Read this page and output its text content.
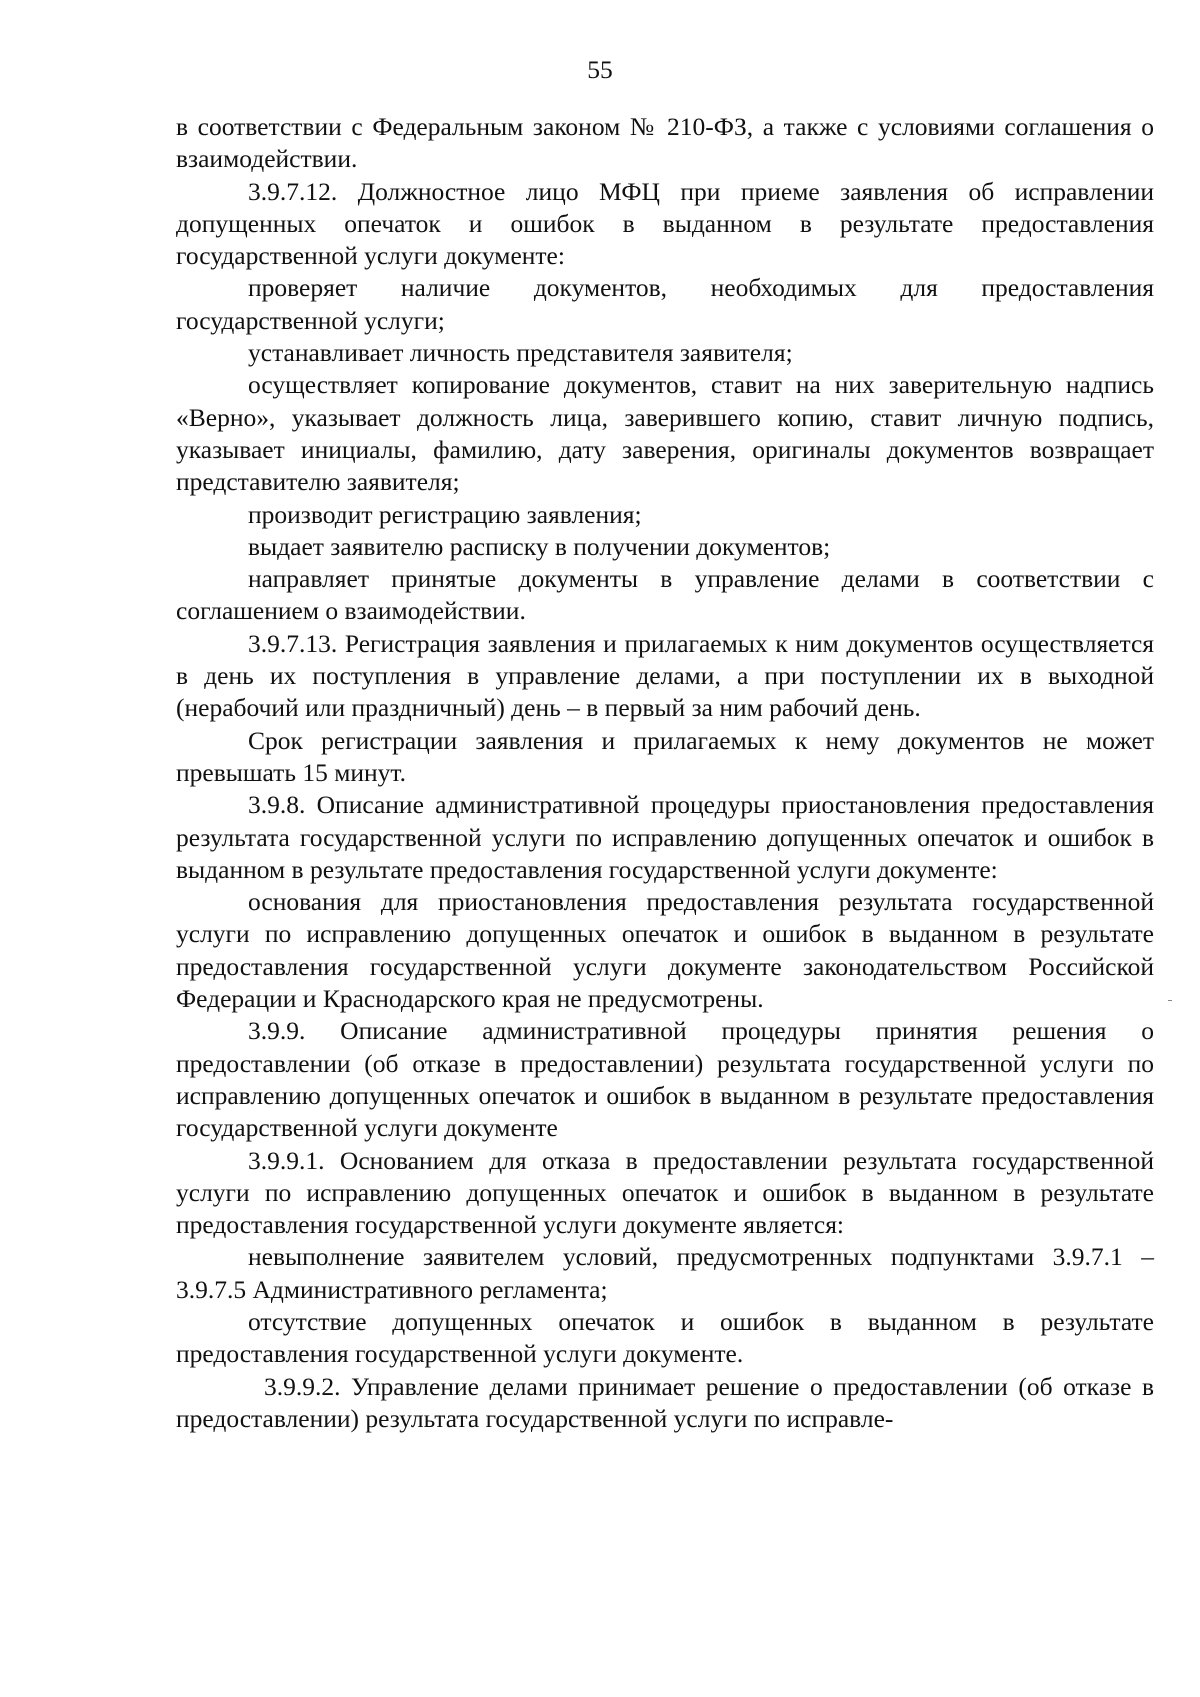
55

в соответствии с Федеральным законом № 210-ФЗ, а также с условиями соглашения о взаимодействии.

3.9.7.12. Должностное лицо МФЦ при приеме заявления об исправлении допущенных опечаток и ошибок в выданном в результате предоставления государственной услуги документе:

проверяет наличие документов, необходимых для предоставления государственной услуги;

устанавливает личность представителя заявителя;

осуществляет копирование документов, ставит на них заверительную надпись «Верно», указывает должность лица, заверившего копию, ставит личную подпись, указывает инициалы, фамилию, дату заверения, оригиналы документов возвращает представителю заявителя;

производит регистрацию заявления;

выдает заявителю расписку в получении документов;

направляет принятые документы в управление делами в соответствии с соглашением о взаимодействии.

3.9.7.13. Регистрация заявления и прилагаемых к ним документов осуществляется в день их поступления в управление делами, а при поступлении их в выходной (нерабочий или праздничный) день – в первый за ним рабочий день.

Срок регистрации заявления и прилагаемых к нему документов не может превышать 15 минут.

3.9.8. Описание административной процедуры приостановления предоставления результата государственной услуги по исправлению допущенных опечаток и ошибок в выданном в результате предоставления государственной услуги документе:

основания для приостановления предоставления результата государственной услуги по исправлению допущенных опечаток и ошибок в выданном в результате предоставления государственной услуги документе законодательством Российской Федерации и Краснодарского края не предусмотрены.

3.9.9. Описание административной процедуры принятия решения о предоставлении (об отказе в предоставлении) результата государственной услуги по исправлению допущенных опечаток и ошибок в выданном в результате предоставления государственной услуги документе

3.9.9.1. Основанием для отказа в предоставлении результата государственной услуги по исправлению допущенных опечаток и ошибок в выданном в результате предоставления государственной услуги документе является:

невыполнение заявителем условий, предусмотренных подпунктами 3.9.7.1 – 3.9.7.5 Административного регламента;

отсутствие допущенных опечаток и ошибок в выданном в результате предоставления государственной услуги документе.

3.9.9.2. Управление делами принимает решение о предоставлении (об отказе в предоставлении) результата государственной услуги по исправле-
